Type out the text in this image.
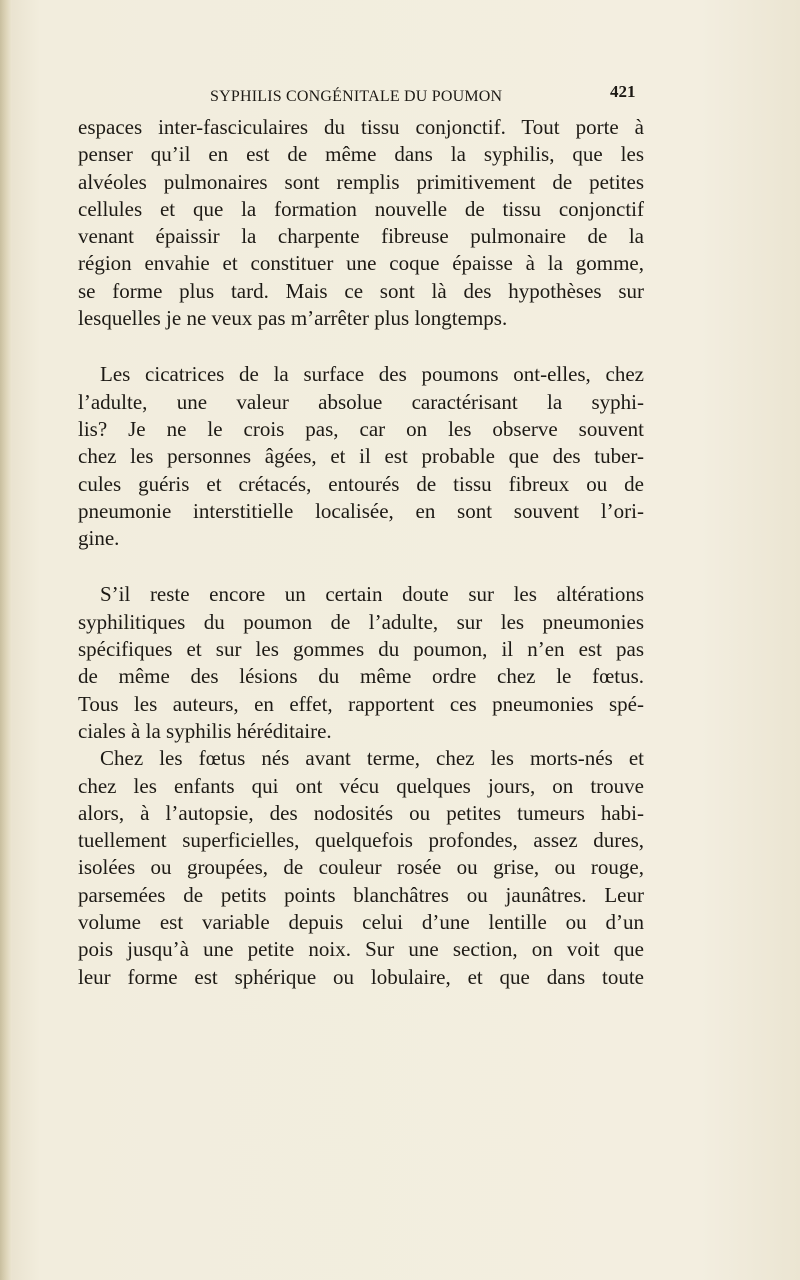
SYPHILIS CONGÉNITALE DU POUMON	421
espaces inter-fasciculaires du tissu conjonctif. Tout porte à
penser qu’il en est de même dans la syphilis, que les
alvéoles pulmonaires sont remplis primitivement de petites
cellules et que la formation nouvelle de tissu conjonctif
venant épaissir la charpente fibreuse pulmonaire de la
région envahie et constituer une coque épaisse à la gomme,
se forme plus tard. Mais ce sont là des hypothèses sur
lesquelles je ne veux pas m’arrêter plus longtemps.
Les cicatrices de la surface des poumons ont-elles, chez
l’adulte, une valeur absolue caractérisant la syphi-
lis? Je ne le crois pas, car on les observe souvent
chez les personnes âgées, et il est probable que des tuber-
cules guéris et crétacés, entourés de tissu fibreux ou de
pneumonie interstitielle localisée, en sont souvent l’ori-
gine.
S’il reste encore un certain doute sur les altérations
syphilitiques du poumon de l’adulte, sur les pneumonies
spécifiques et sur les gommes du poumon, il n’en est pas
de même des lésions du même ordre chez le fœtus.
Tous les auteurs, en effet, rapportent ces pneumonies spé-
ciales à la syphilis héréditaire.
Chez les fœtus nés avant terme, chez les morts-nés et
chez les enfants qui ont vécu quelques jours, on trouve
alors, à l’autopsie, des nodosités ou petites tumeurs habi-
tuellement superficielles, quelquefois profondes, assez dures,
isolées ou groupées, de couleur rosée ou grise, ou rouge,
parsemées de petits points blanchâtres ou jaunâtres. Leur
volume est variable depuis celui d’une lentille ou d’un
pois jusqu’à une petite noix. Sur une section, on voit que
leur forme est sphérique ou lobulaire, et que dans toute
